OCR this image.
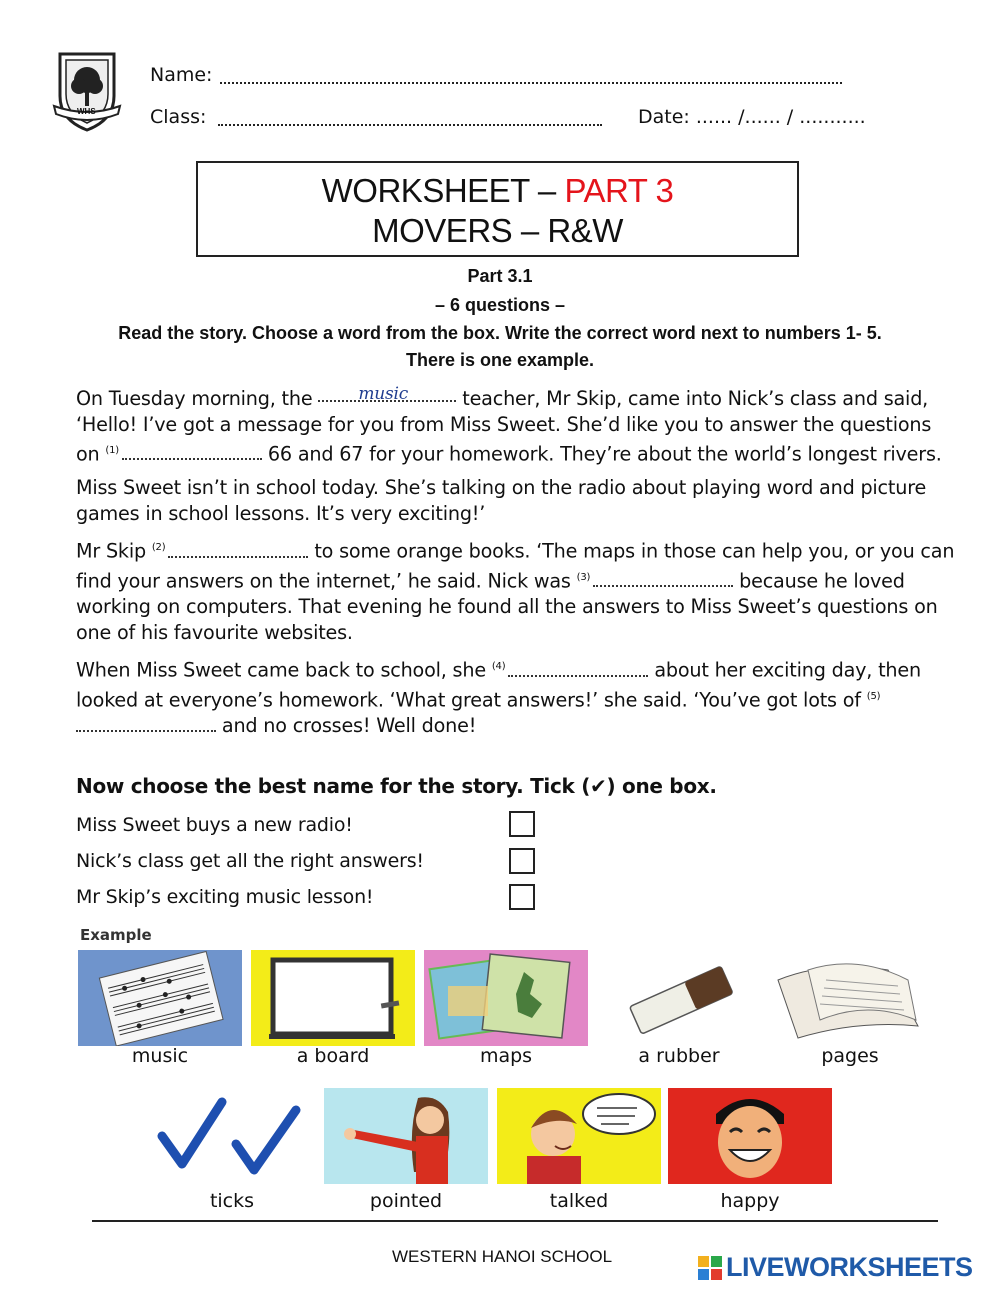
WHS
Name:
Class:	Date: ...... /...... / ...........
WORKSHEET – PART 3
MOVERS – R&W
Part 3.1
– 6 questions –
Read the story. Choose a word from the box. Write the correct word next to numbers 1- 5.
There is one example.

On Tuesday morning, the	music	teacher, Mr Skip, came into Nick’s class and said, ‘Hello! I’ve got a message for you from Miss Sweet. She’d like you to answer the questions on $^{(1)}$	66 and 67 for your homework. They’re about the world’s longest rivers.

Miss Sweet isn’t in school today. She’s talking on the radio about playing word and picture games in school lessons. It’s very exciting!’

Mr Skip $^{(2)}$	to some orange books. ‘The maps in those can help you, or you can find your answers on the internet,’ he said. Nick was $^{(3)}$	because he loved working on computers. That evening he found all the answers to Miss Sweet’s questions on one of his favourite websites.

When Miss Sweet came back to school, she $^{(4)}$	about her exciting day, then looked at everyone’s homework. ‘What great answers!’ she said. ‘You’ve got lots of $^{(5)}$ and no crosses! Well done!

Now choose the best name for the story. Tick (✔) one box.
Miss Sweet buys a new radio!
Nick’s class get all the right answers!
Mr Skip’s exciting music lesson!
Example
music	a board	maps	a rubber	pages
ticks	pointed	talked	happy
WESTERN HANOI SCHOOL	LIVEWORKSHEETS
